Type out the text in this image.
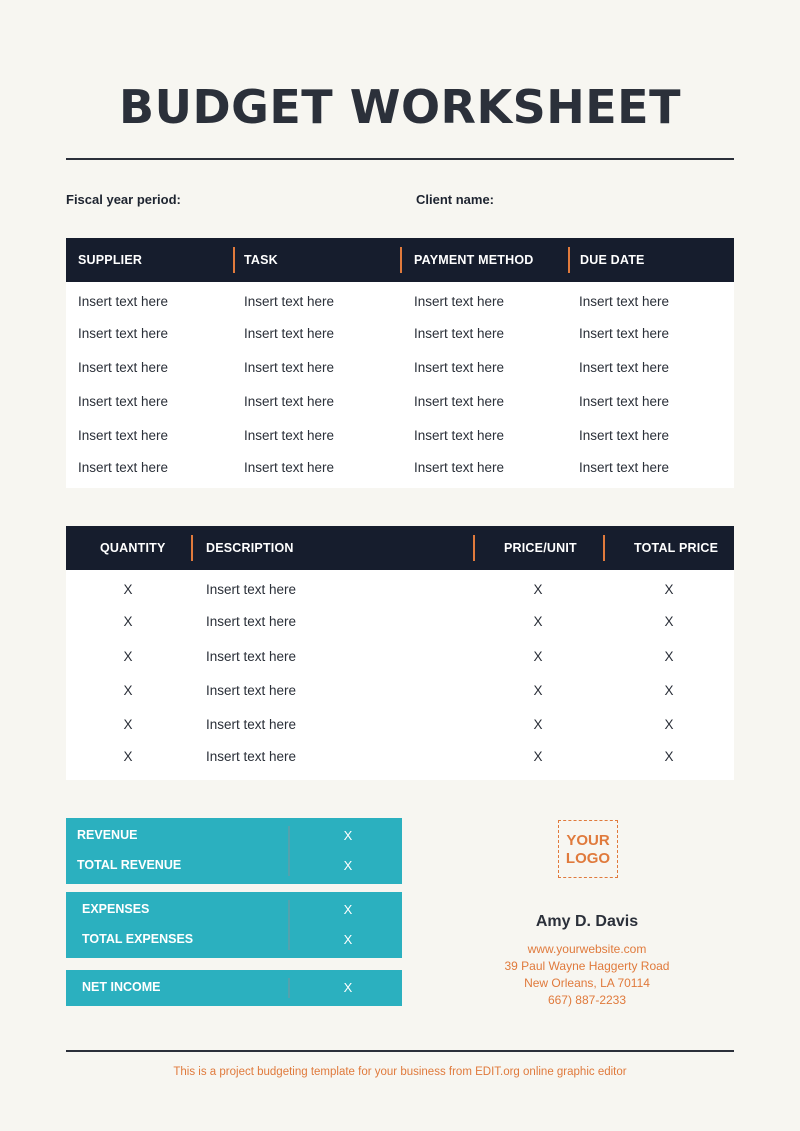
BUDGET WORKSHEET
Fiscal year period:	Client name:
SUPPLIER	TASK	PAYMENT METHOD	DUE DATE
Insert text here	Insert text here	Insert text here	Insert text here
Insert text here	Insert text here	Insert text here	Insert text here
Insert text here	Insert text here	Insert text here	Insert text here
Insert text here	Insert text here	Insert text here	Insert text here
Insert text here	Insert text here	Insert text here	Insert text here
Insert text here	Insert text here	Insert text here	Insert text here
QUANTITY	DESCRIPTION	PRICE/UNIT	TOTAL PRICE
X	Insert text here	X	X
X	Insert text here	X	X
X	Insert text here	X	X
X	Insert text here	X	X
X	Insert text here	X	X
X	Insert text here	X	X
REVENUE	X
TOTAL REVENUE	X
EXPENSES	X
TOTAL EXPENSES	X
NET INCOME	X
YOUR
LOGO
Amy D. Davis
www.yourwebsite.com
39 Paul Wayne Haggerty Road
New Orleans, LA 70114
667) 887-2233
This is a project budgeting template for your business from EDIT.org online graphic editor
